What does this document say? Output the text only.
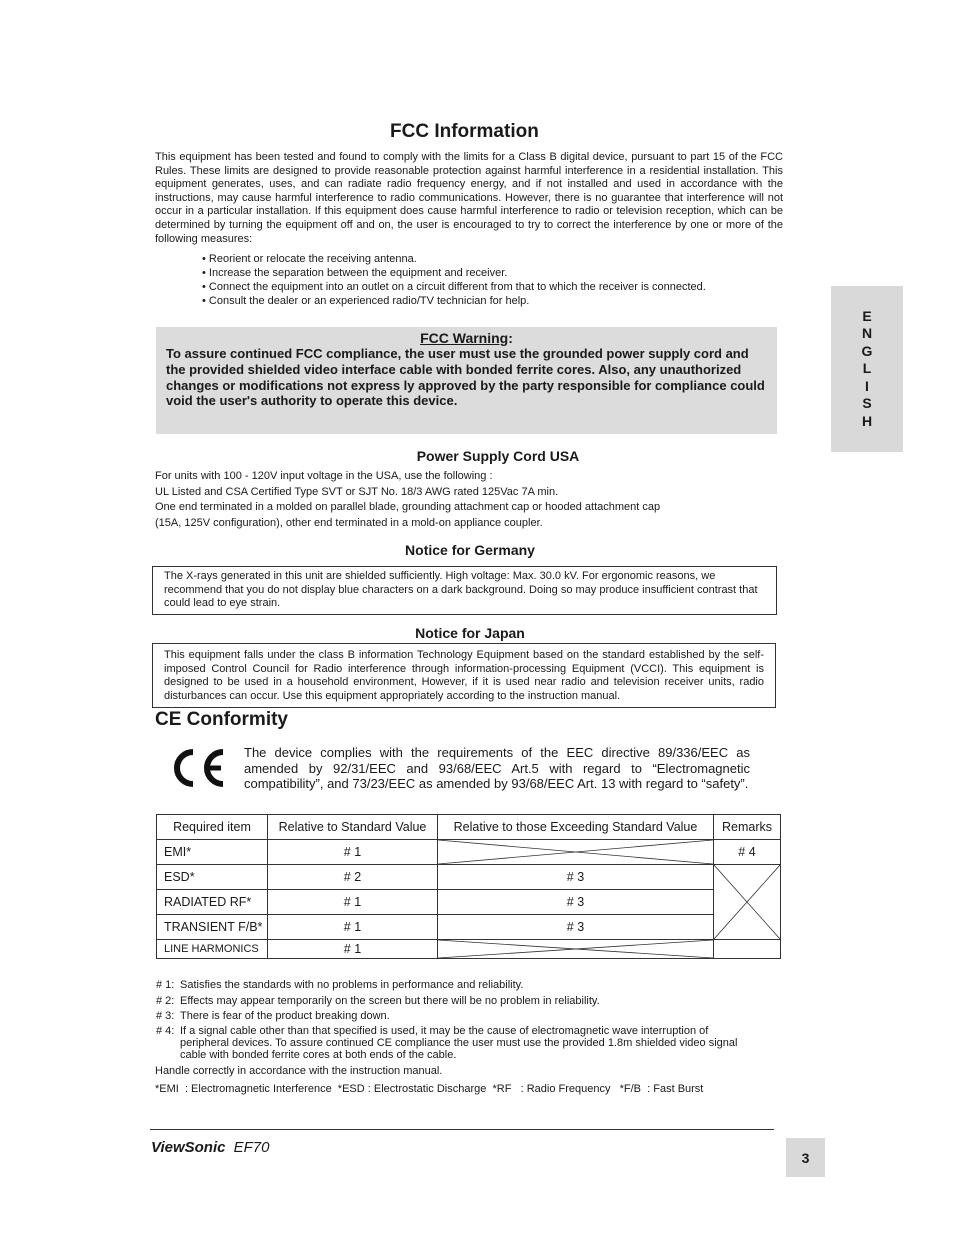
FCC Information
This equipment has been tested and found to comply with the limits for a Class B digital device, pursuant to part 15 of the FCC Rules. These limits are designed to provide reasonable protection against harmful interference in a residential installation. This equipment generates, uses, and can radiate radio frequency energy, and if not installed and used in accordance with the instructions, may cause harmful interference to radio communications. However, there is no guarantee that interference will not occur in a particular installation. If this equipment does cause harmful interference to radio or television reception, which can be determined by turning the equipment off and on, the user is encouraged to try to correct the interference by one or more of the following measures:
• Reorient or relocate the receiving antenna.
• Increase the separation between the equipment and receiver.
• Connect the equipment into an outlet on a circuit different from that to which the receiver is connected.
• Consult the dealer or an experienced radio/TV technician for help.
E
N
G
L
I
S
H
FCC Warning:
To assure continued FCC compliance, the user must use the grounded power supply cord and the provided shielded video interface cable with bonded ferrite cores. Also, any unauthorized changes or modifications not express ly approved by the party responsible for compliance could void the user's authority to operate this device.
Power Supply Cord USA
For units with 100 - 120V input voltage in the USA, use the following :
UL Listed and CSA Certified Type SVT or SJT No. 18/3 AWG rated 125Vac 7A min.
One end terminated in a molded on parallel blade, grounding attachment cap or hooded attachment cap
(15A, 125V configuration), other end terminated in a mold-on appliance coupler.
Notice for Germany
The X-rays generated in this unit are shielded sufficiently. High voltage: Max. 30.0 kV. For ergonomic reasons, we recommend that you do not display blue characters on a dark background. Doing so may produce insufficient contrast that could lead to eye strain.
Notice for Japan
This equipment falls under the class B information Technology Equipment based on the standard established by the self-imposed Control Council for Radio interference through information-processing Equipment (VCCI). This equipment is designed to be used in a household environment, However, if it is used near radio and television receiver units, radio disturbances can occur. Use this equipment appropriately according to the instruction manual.
CE Conformity
The device complies with the requirements of the EEC directive 89/336/EEC as amended by 92/31/EEC and 93/68/EEC Art.5 with regard to “Electromagnetic compatibility”, and 73/23/EEC as amended by 93/68/EEC Art. 13 with regard to “safety”.
Required item	Relative to Standard Value	Relative to those Exceeding Standard Value	Remarks
EMI*	# 1		# 4
ESD*	# 2	# 3	

RADIATED RF*	# 1	# 3	
TRANSIENT F/B*	# 1	# 3	
LINE HARMONICS	# 1	

# 1: Satisfies the standards with no problems in performance and reliability.
# 2: Effects may appear temporarily on the screen but there will be no problem in reliability.
# 3: There is fear of the product breaking down.
# 4: If a signal cable other than that specified is used, it may be the cause of electromagnetic wave interruption of peripheral devices. To assure continued CE compliance the user must use the provided 1.8m shielded video signal cable with bonded ferrite cores at both ends of the cable.
Handle correctly in accordance with the instruction manual.
*EMI  : Electromagnetic Interference  *ESD : Electrostatic Discharge  *RF   : Radio Frequency   *F/B  : Fast Burst
ViewSonic EF70
3
